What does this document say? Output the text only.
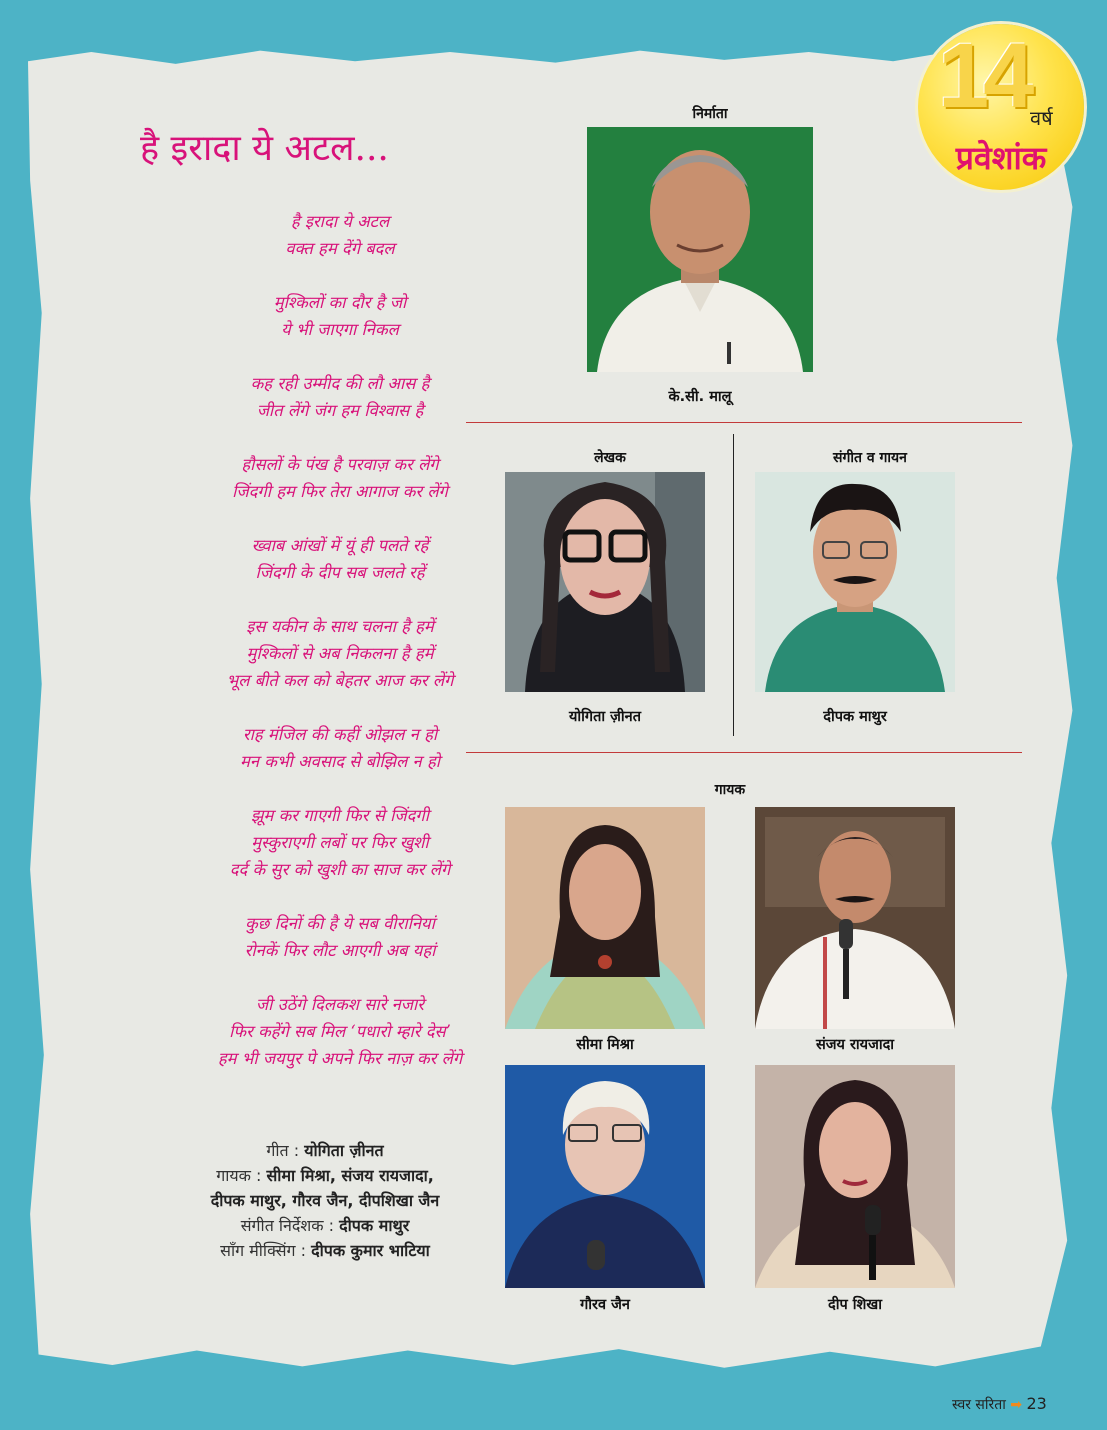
14 वर्ष
प्रवेशांक
है इरादा ये अटल...
है इरादा ये अटल
वक्त हम देंगे बदल
मुश्किलों का दौर है जो
ये भी जाएगा निकल
कह रही उम्मीद की लौ आस है
जीत लेंगे जंग हम विश्वास है
हौसलों के पंख है परवाज़ कर लेंगे
जिंदगी हम फिर तेरा आगाज कर लेंगे
ख्वाब आंखों में यूं ही पलते रहें
जिंदगी के दीप सब जलते रहें
इस यकीन के साथ चलना है हमें
मुश्किलों से अब निकलना है हमें
भूल बीते कल को बेहतर आज कर लेंगे
राह मंजिल की कहीं ओझल न हो
मन कभी अवसाद से बोझिल न हो
झूम कर गाएगी फिर से जिंदगी
मुस्कुराएगी लबों पर फिर खुशी
दर्द के सुर को खुशी का साज कर लेंगे
कुछ दिनों की है ये सब वीरानियां
रोनकें फिर लौट आएगी अब यहां
जी उठेंगे दिलकश सारे नजारे
फिर कहेंगे सब मिल ‘पधारो म्हारे देस’
हम भी जयपुर पे अपने फिर नाज़ कर लेंगे
गीत : योगिता ज़ीनत
गायक : सीमा मिश्रा, संजय रायजादा,
दीपक माथुर, गौरव जैन, दीपशिखा जैन
संगीत निर्देशक : दीपक माथुर
साँग मीक्सिंग : दीपक कुमार भाटिया
निर्माता
के.सी. मालू
लेखक
योगिता ज़ीनत
संगीत व गायन
दीपक माथुर
गायक
सीमा मिश्रा	संजय रायजादा
गौरव जैन	दीप शिखा
स्वर सरिता ➡ 23
